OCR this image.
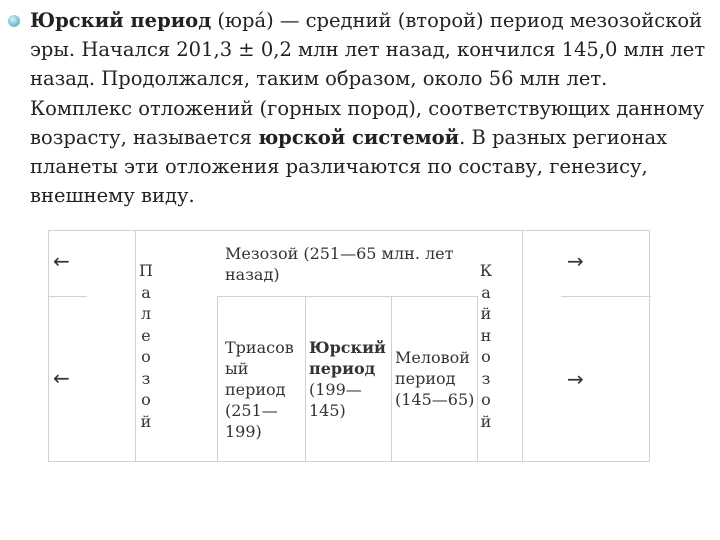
Юрский период (юра́) — средний (второй) период мезозойской эры. Начался 201,3 ± 0,2 млн лет назад, кончился 145,0 млн лет назад. Продолжался, таким образом, около 56 млн лет. Комплекс отложений (горных пород), соответствующих данному возрасту, называется юрской системой. В разных регионах планеты эти отложения различаются по составу, генезису, внешнему виду.
←
←
→
→
П
а
л
е
о
з
о
й
К
а
й
н
о
з
о
й
Мезозой (251—65 млн. лет назад)
Триасов ый период (251—199)
Юрский период (199—145)
Меловой период (145—65)
